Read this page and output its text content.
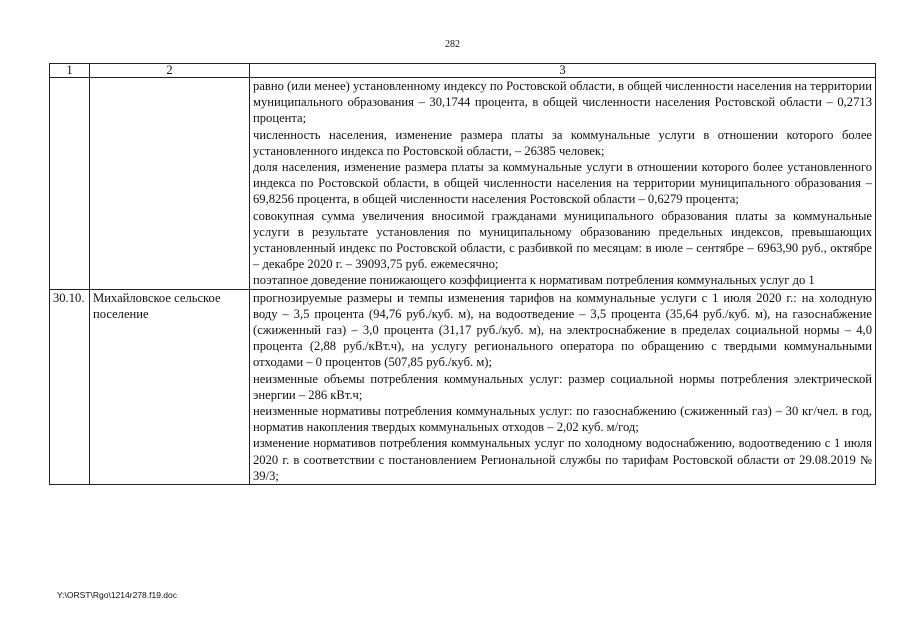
282
1	2	3

		равно (или менее) установленному индексу по Ростовской области, в общей численности населения на территории муниципального образования – 30,1744 процента, в общей численности населения Ростовской области – 0,2713 процента;
численность населения, изменение размера платы за коммунальные услуги в отношении которого более установленного индекса по Ростовской области, – 26385 человек;
доля населения, изменение размера платы за коммунальные услуги в отношении которого более установленного индекса по Ростовской области, в общей численности населения на территории муниципального образования – 69,8256 процента, в общей численности населения Ростовской области – 0,6279 процента;
совокупная сумма увеличения вносимой гражданами муниципального образования платы за коммунальные услуги в результате установления по муниципальному образованию предельных индексов, превышающих установленный индекс по Ростовской области, с разбивкой по месяцам: в июле – сентябре – 6963,90 руб., октябре – декабре 2020 г. – 39093,75 руб. ежемесячно;
поэтапное доведение понижающего коэффициента к нормативам потребления коммунальных услуг до 1

30.10.	Михайловское сельское поселение	прогнозируемые размеры и темпы изменения тарифов на коммунальные услуги с 1 июля 2020 г.: на холодную воду – 3,5 процента (94,76 руб./куб. м), на водоотведение – 3,5 процента (35,64 руб./куб. м), на газоснабжение (сжиженный газ) – 3,0 процента (31,17 руб./куб. м), на электроснабжение в пределах социальной нормы – 4,0 процента (2,88 руб./кВт.ч), на услугу регионального оператора по обращению с твердыми коммунальными отходами – 0 процентов (507,85 руб./куб. м);
неизменные объемы потребления коммунальных услуг: размер социальной нормы потребления электрической энергии – 286 кВт.ч;
неизменные нормативы потребления коммунальных услуг: по газоснабжению (сжиженный газ) – 30 кг/чел. в год, норматив накопления твердых коммунальных отходов – 2,02 куб. м/год;
изменение нормативов потребления коммунальных услуг по холодному водоснабжению, водоотведению с 1 июля 2020 г. в соответствии с постановлением Региональной службы по тарифам Ростовской области от 29.08.2019 № 39/3;
Y:\ORST\Rgo\1214r278.f19.doc
